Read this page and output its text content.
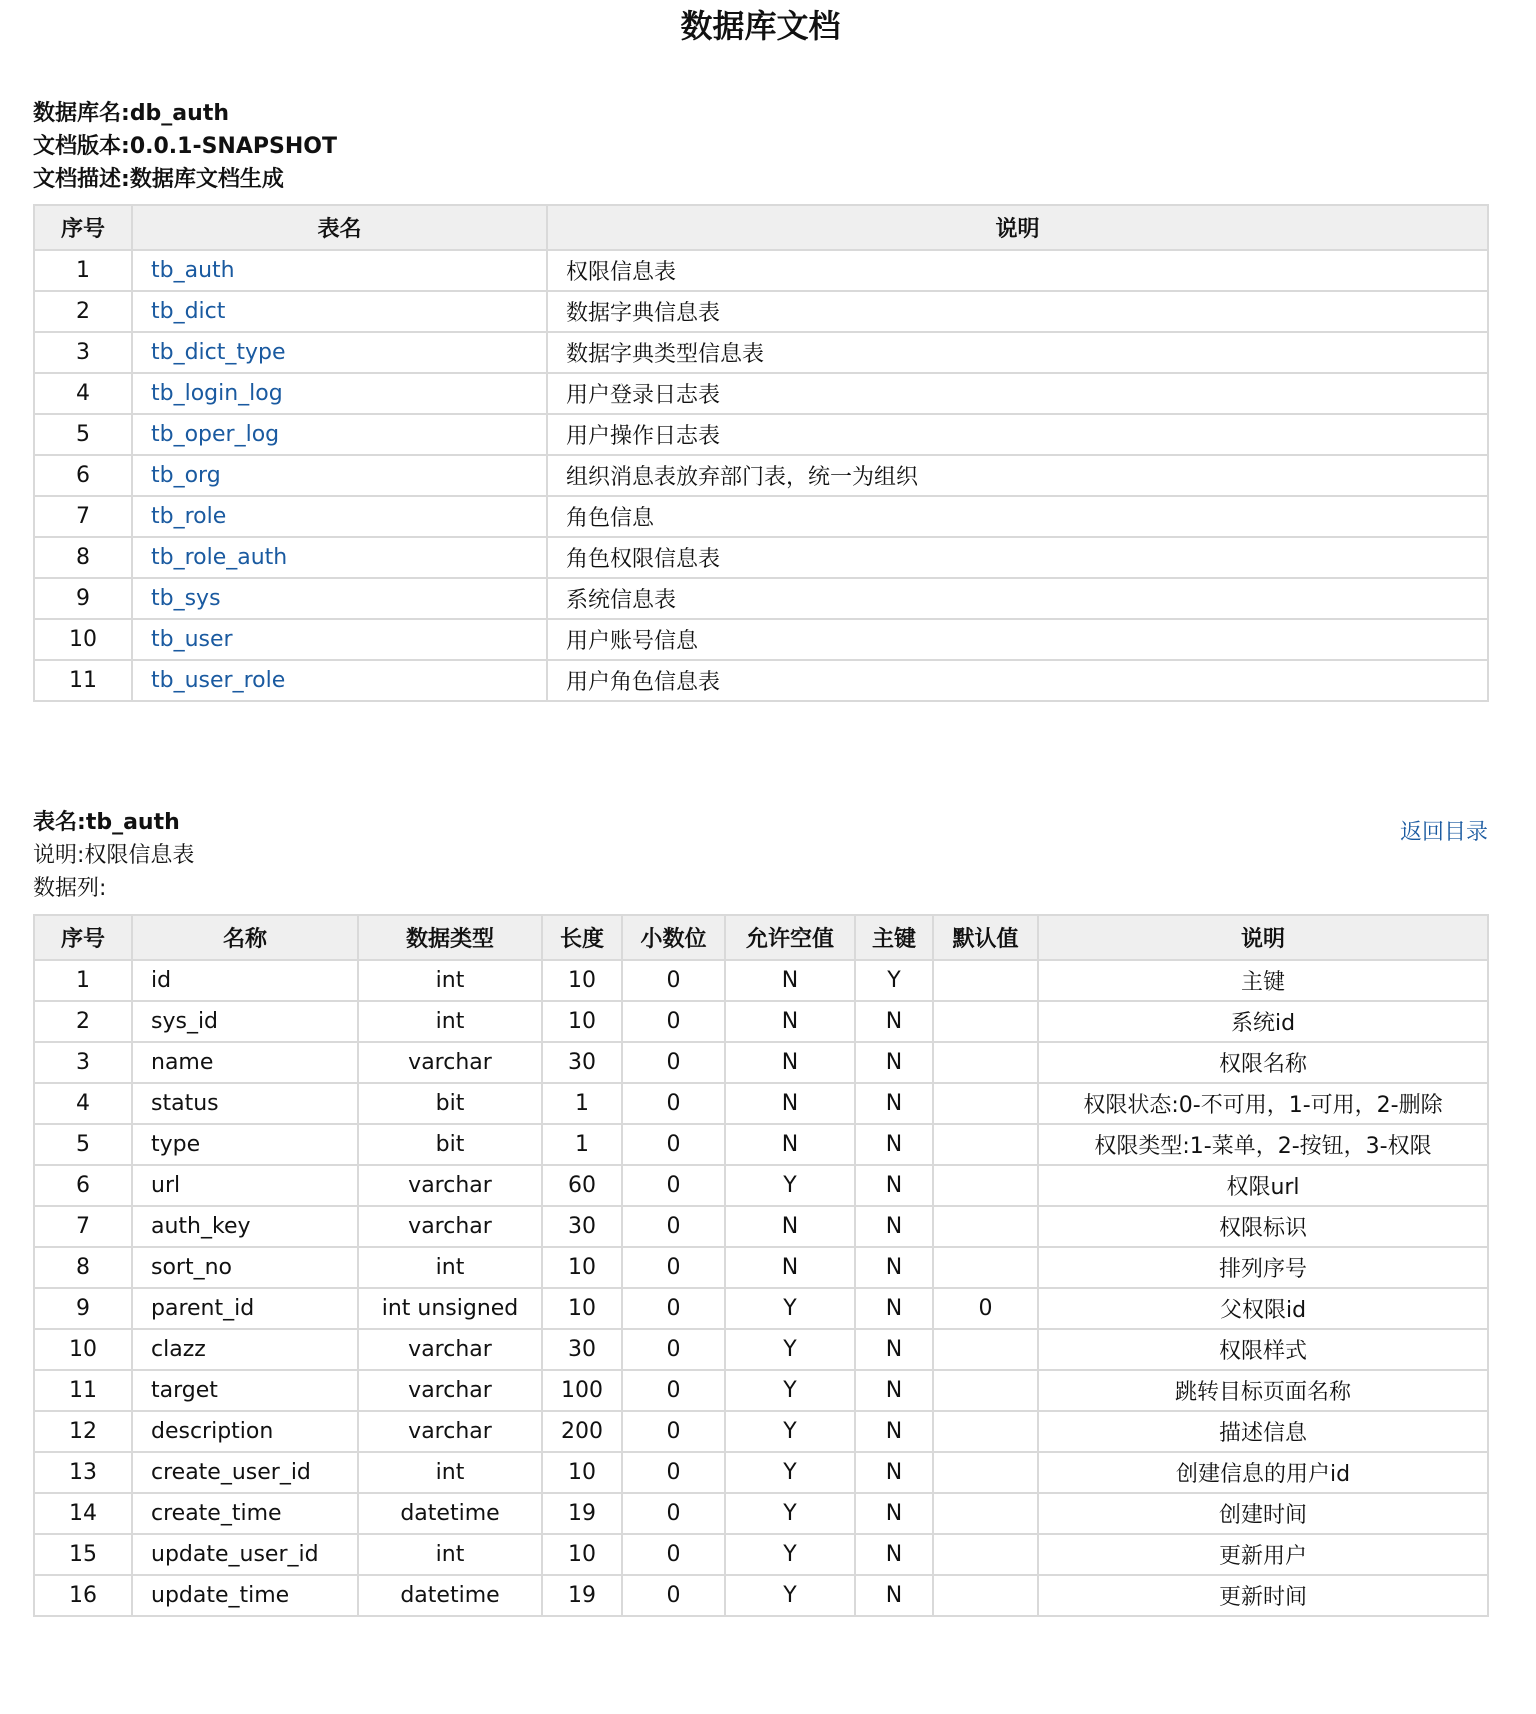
数据库文档
数据库名:db_auth
文档版本:0.0.1-SNAPSHOT
文档描述:数据库文档生成
序号	表名	说明
1	tb_auth	权限信息表
2	tb_dict	数据字典信息表
3	tb_dict_type	数据字典类型信息表
4	tb_login_log	用户登录日志表
5	tb_oper_log	用户操作日志表
6	tb_org	组织消息表放弃部门表，统一为组织
7	tb_role	角色信息
8	tb_role_auth	角色权限信息表
9	tb_sys	系统信息表
10	tb_user	用户账号信息
11	tb_user_role	用户角色信息表
表名:tb_auth
说明:权限信息表
数据列:
返回目录
序号	名称	数据类型	长度	小数位	允许空值	主键	默认值	说明
1	id	int	10	0	N	Y		主键
2	sys_id	int	10	0	N	N		系统id
3	name	varchar	30	0	N	N		权限名称
4	status	bit	1	0	N	N		权限状态:0-不可用，1-可用，2-删除
5	type	bit	1	0	N	N		权限类型:1-菜单，2-按钮，3-权限
6	url	varchar	60	0	Y	N		权限url
7	auth_key	varchar	30	0	N	N		权限标识
8	sort_no	int	10	0	N	N		排列序号
9	parent_id	int unsigned	10	0	Y	N	0	父权限id
10	clazz	varchar	30	0	Y	N		权限样式
11	target	varchar	100	0	Y	N		跳转目标页面名称
12	description	varchar	200	0	Y	N		描述信息
13	create_user_id	int	10	0	Y	N		创建信息的用户id
14	create_time	datetime	19	0	Y	N		创建时间
15	update_user_id	int	10	0	Y	N		更新用户
16	update_time	datetime	19	0	Y	N		更新时间
